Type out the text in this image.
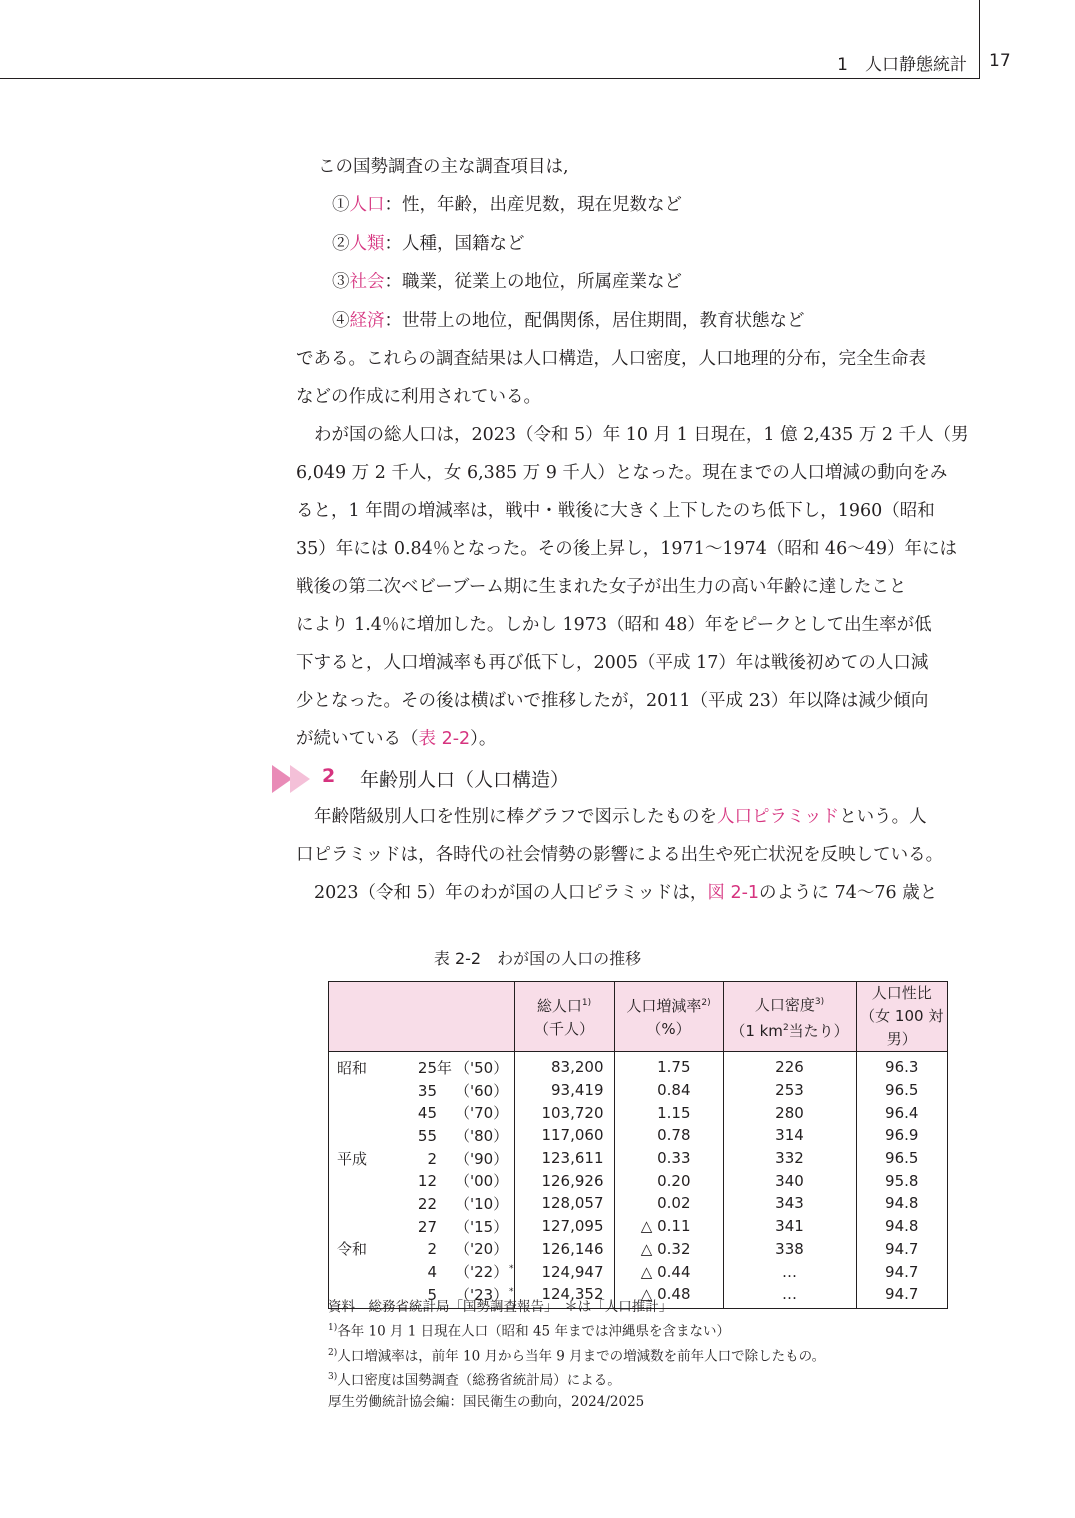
1　人口静態統計 17
この国勢調査の主な調査項目は,
①人口：性，年齢，出産児数，現在児数など
②人類：人種，国籍など
③社会：職業，従業上の地位，所属産業など
④経済：世帯上の地位，配偶関係，居住期間，教育状態など
である。これらの調査結果は人口構造，人口密度，人口地理的分布，完全生命表
などの作成に利用されている。
わが国の総人口は，2023（令和 5）年 10 月 1 日現在，1 億 2,435 万 2 千人（男
6,049 万 2 千人，女 6,385 万 9 千人）となった。現在までの人口増減の動向をみ
ると，1 年間の増減率は，戦中・戦後に大きく上下したのち低下し，1960（昭和
35）年には 0.84％となった。その後上昇し，1971〜1974（昭和 46〜49）年には
戦後の第二次ベビーブーム期に生まれた女子が出生力の高い年齢に達したこと
により 1.4％に増加した。しかし 1973（昭和 48）年をピークとして出生率が低
下すると，人口増減率も再び低下し，2005（平成 17）年は戦後初めての人口減
少となった。その後は横ばいで推移したが，2011（平成 23）年以降は減少傾向
が続いている（表 2-2）。
年齢階級別人口を性別に棒グラフで図示したものを人口ピラミッドという。人
口ピラミッドは，各時代の社会情勢の影響による出生や死亡状況を反映している。
2023（令和 5）年のわが国の人口ピラミッドは，図 2-1のように 74〜76 歳と
2 年齢別人口（人口構造）
表 2-2　わが国の人口の推移
	総人口$^{1)}$
（千人）	人口増減率$^{2)}$
（%）	人口密度$^{3)}$
（1 $km^2$当たり）	人口性比
（女 100 対男）
昭和 25年 （'50）	83,200	1.75	226	96.3
35 （'60）	93,419	0.84	253	96.5
45 （'70）	103,720	1.15	280	96.4
55 （'80）	117,060	0.78	314	96.9
平成 2 （'90）	123,611	0.33	332	96.5
12 （'00）	126,926	0.20	340	95.8
22 （'10）	128,057	0.02	343	94.8
27 （'15）	127,095	△ 0.11	341	94.8
令和 2 （'20）	126,146	△ 0.32	338	94.7
4 （'22）*	124,947	△ 0.44	…	94.7
5 （'23）*	124,352	△ 0.48	…	94.7
資料　総務省統計局「国勢調査報告」　＊は「人口推計」
$^{1)}$各年 10 月 1 日現在人口（昭和 45 年までは沖縄県を含まない）
$^{2)}$人口増減率は，前年 10 月から当年 9 月までの増減数を前年人口で除したもの。
$^{3)}$人口密度は国勢調査（総務省統計局）による。
厚生労働統計協会編：国民衛生の動向，2024/2025
